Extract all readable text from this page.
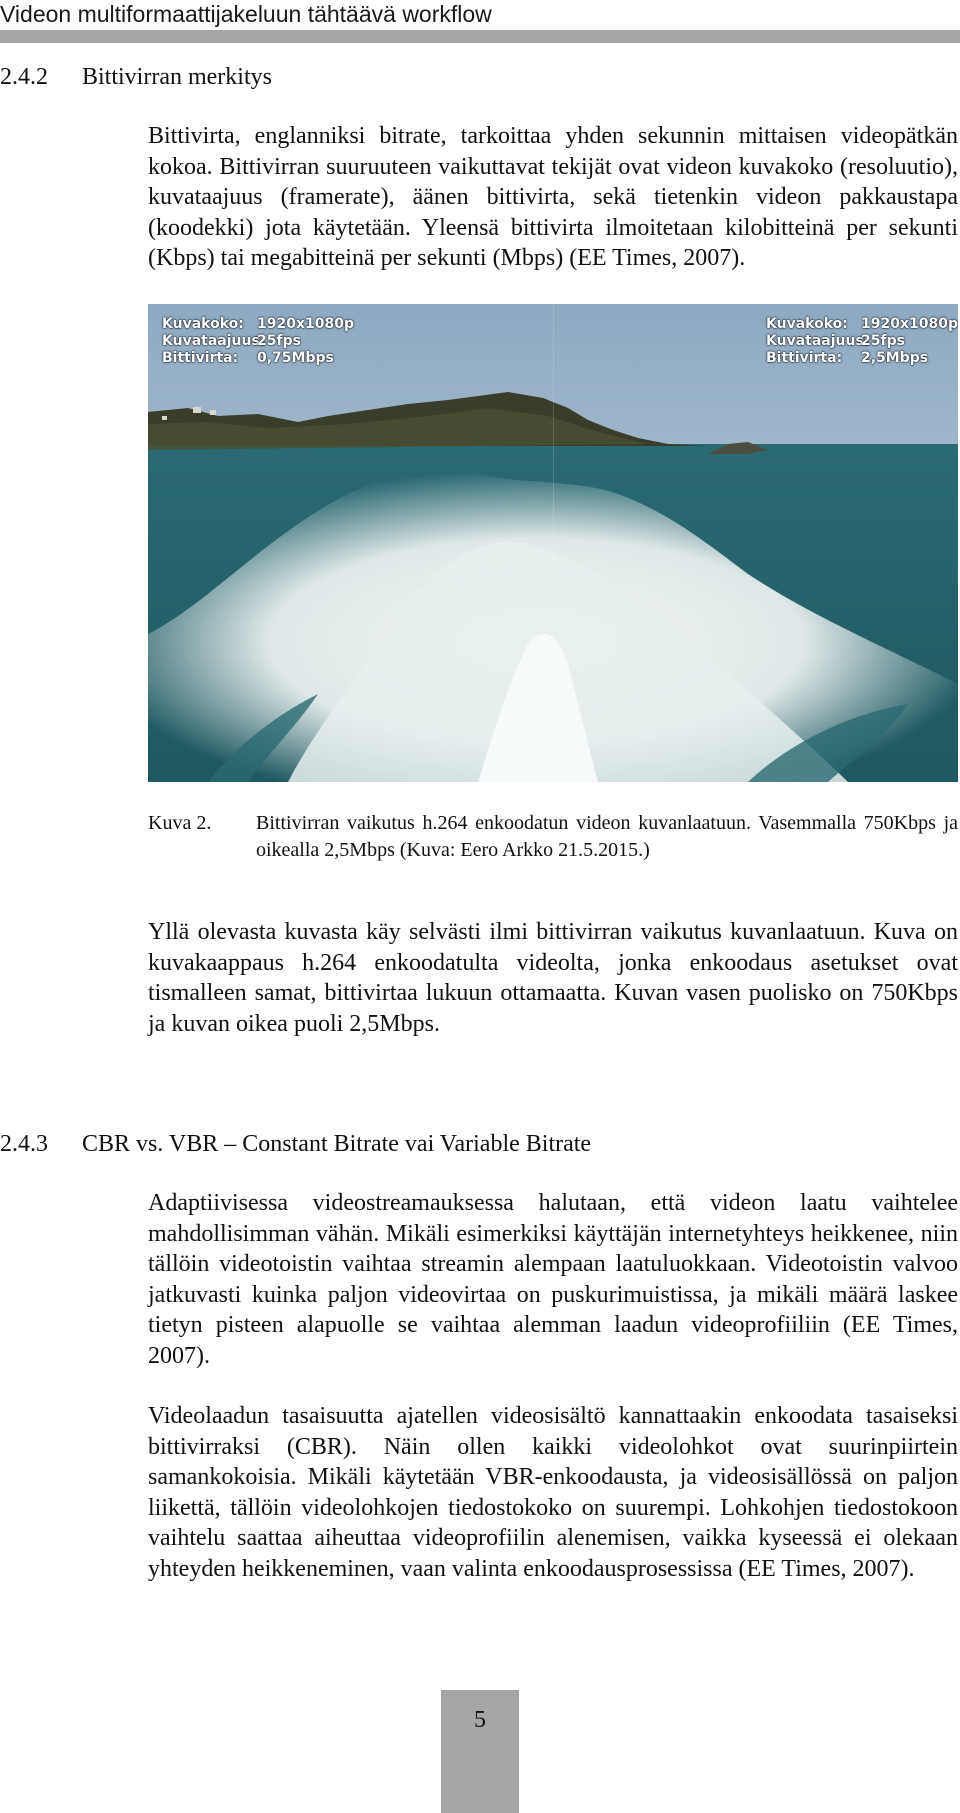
Videon multiformaattijakeluun tähtäävä workflow
2.4.2 Bittivirran merkitys

Bittivirta, englanniksi bitrate, tarkoittaa yhden sekunnin mittaisen videopätkän kokoa. Bittivirran suuruuteen vaikuttavat tekijät ovat videon kuvakoko (resoluutio), kuvataajuus (framerate), äänen bittivirta, sekä tietenkin videon pakkaustapa (koodekki) jota käytetään. Yleensä bittivirta ilmoitetaan kilobitteinä per sekunti (Kbps) tai megabitteinä per sekunti (Mbps) (EE Times, 2007).

Kuvakoko: 1920x1080p
Kuvataajuus:25fps
Bittivirta: 0,75Mbps
Kuvakoko: 1920x1080p
Kuvataajuus:25fps
Bittivirta: 2,5Mbps
Kuva 2. Bittivirran vaikutus h.264 enkoodatun videon kuvanlaatuun. Vasemmalla 750Kbps ja oikealla 2,5Mbps (Kuva: Eero Arkko 21.5.2015.)

Yllä olevasta kuvasta käy selvästi ilmi bittivirran vaikutus kuvanlaatuun. Kuva on kuvakaappaus h.264 enkoodatulta videolta, jonka enkoodaus asetukset ovat tismalleen samat, bittivirtaa lukuun ottamaatta. Kuvan vasen puolisko on 750Kbps ja kuvan oikea puoli 2,5Mbps.

2.4.3 CBR vs. VBR – Constant Bitrate vai Variable Bitrate

Adaptiivisessa videostreamauksessa halutaan, että videon laatu vaihtelee mahdollisimman vähän. Mikäli esimerkiksi käyttäjän internetyhteys heikkenee, niin tällöin videotoistin vaihtaa streamin alempaan laatuluokkaan. Videotoistin valvoo jatkuvasti kuinka paljon videovirtaa on puskurimuistissa, ja mikäli määrä laskee tietyn pisteen alapuolle se vaihtaa alemman laadun videoprofiiliin (EE Times, 2007).

Videolaadun tasaisuutta ajatellen videosisältö kannattaakin enkoodata tasaiseksi bittivirraksi (CBR). Näin ollen kaikki videolohkot ovat suurinpiirtein samankokoisia. Mikäli käytetään VBR-enkoodausta, ja videosisällössä on paljon liikettä, tällöin videolohkojen tiedostokoko on suurempi. Lohkohjen tiedostokoon vaihtelu saattaa aiheuttaa videoprofiilin alenemisen, vaikka kyseessä ei olekaan yhteyden heikkeneminen, vaan valinta enkoodausprosessissa (EE Times, 2007).

5
